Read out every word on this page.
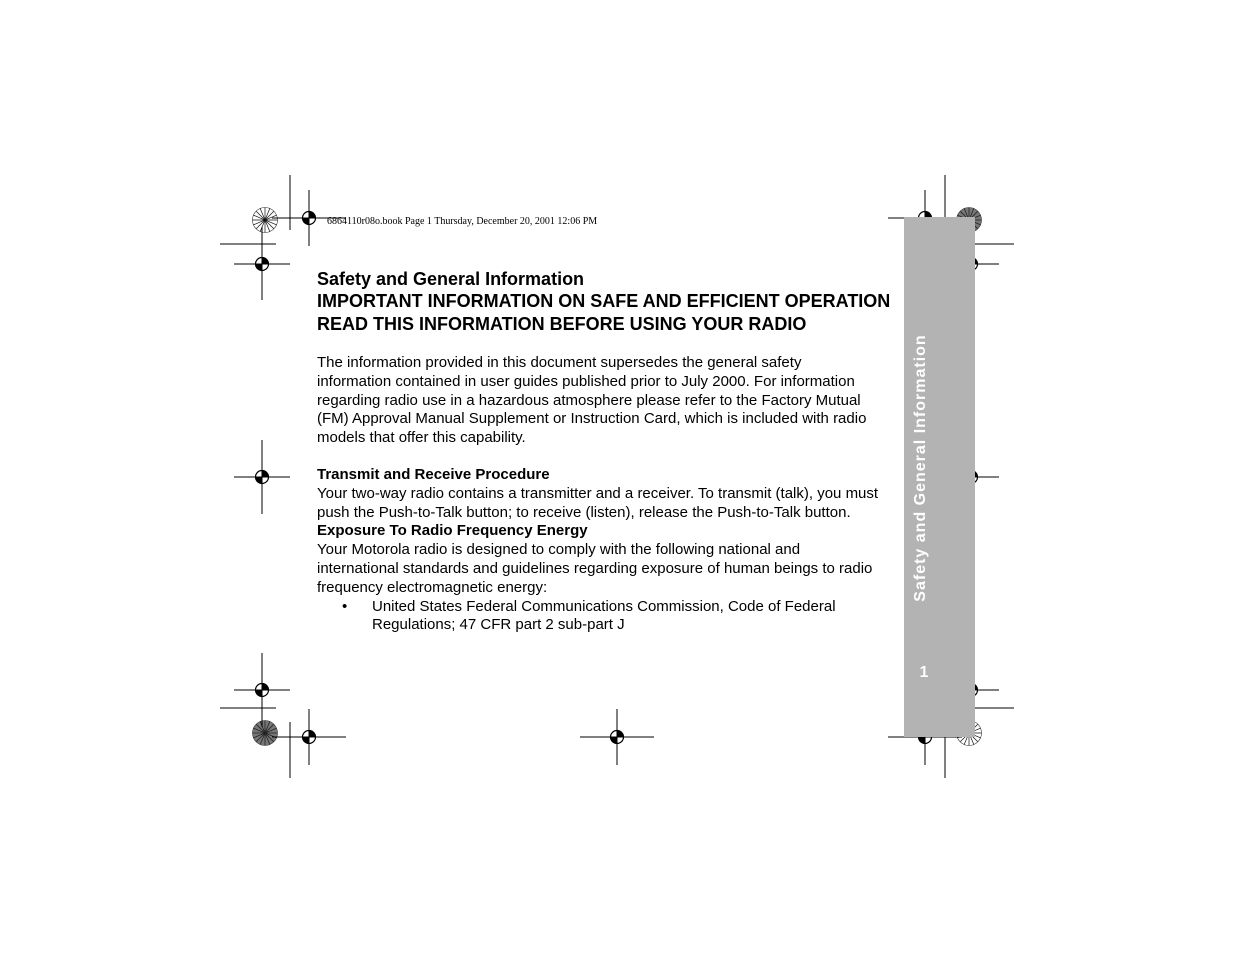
6864110r08o.book Page 1 Thursday, December 20, 2001 12:06 PM
Safety and General Information
1

Safety and General Information

IMPORTANT INFORMATION ON SAFE AND EFFICIENT OPERATION

READ THIS INFORMATION BEFORE USING YOUR RADIO

The information provided in this document supersedes the general safety

information contained in user guides published prior to July 2000. For information

regarding radio use in a hazardous atmosphere please refer to the Factory Mutual

(FM) Approval Manual Supplement or Instruction Card, which is included with radio

models that offer this capability.

Transmit and Receive Procedure

Your two-way radio contains a transmitter and a receiver. To transmit (talk), you must

push the Push-to-Talk button; to receive (listen), release the Push-to-Talk button.

Exposure To Radio Frequency Energy

Your Motorola radio is designed to comply with the following national and

international standards and guidelines regarding exposure of human beings to radio

frequency electromagnetic energy:

•	United States Federal Communications Commission, Code of Federal

Regulations; 47 CFR part 2 sub-part J
